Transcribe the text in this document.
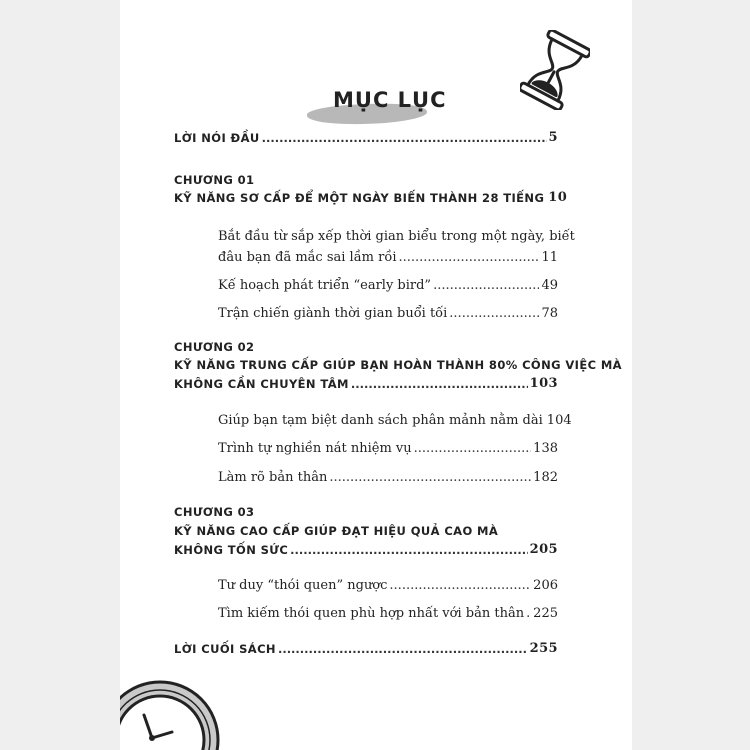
MỤC LỤC
LỜI NÓI ĐẦU .....	5
CHƯƠNG 01
KỸ NĂNG SƠ CẤP ĐỂ MỘT NGÀY BIẾN THÀNH 28 TIẾNG 10
Bắt đầu từ sắp xếp thời gian biểu trong một ngày, biết
đâu bạn đã mắc sai lầm rồi .....	11
Kế hoạch phát triển “early bird” .....	49
Trận chiến giành thời gian buổi tối .....	78
CHƯƠNG 02
KỸ NĂNG TRUNG CẤP GIÚP BẠN HOÀN THÀNH 80% CÔNG VIỆC MÀ
KHÔNG CẦN CHUYÊN TÂM .....	103
Giúp bạn tạm biệt danh sách phân mảnh nằm dài 104
Trình tự nghiền nát nhiệm vụ .....	138
Làm rõ bản thân .....	182
CHƯƠNG 03
KỸ NĂNG CAO CẤP GIÚP ĐẠT HIỆU QUẢ CAO MÀ
KHÔNG TỐN SỨC .....	205
Tư duy “thói quen” ngược .....	206
Tìm kiếm thói quen phù hợp nhất với bản thân ..... 225
LỜI CUỐI SÁCH .....	255
